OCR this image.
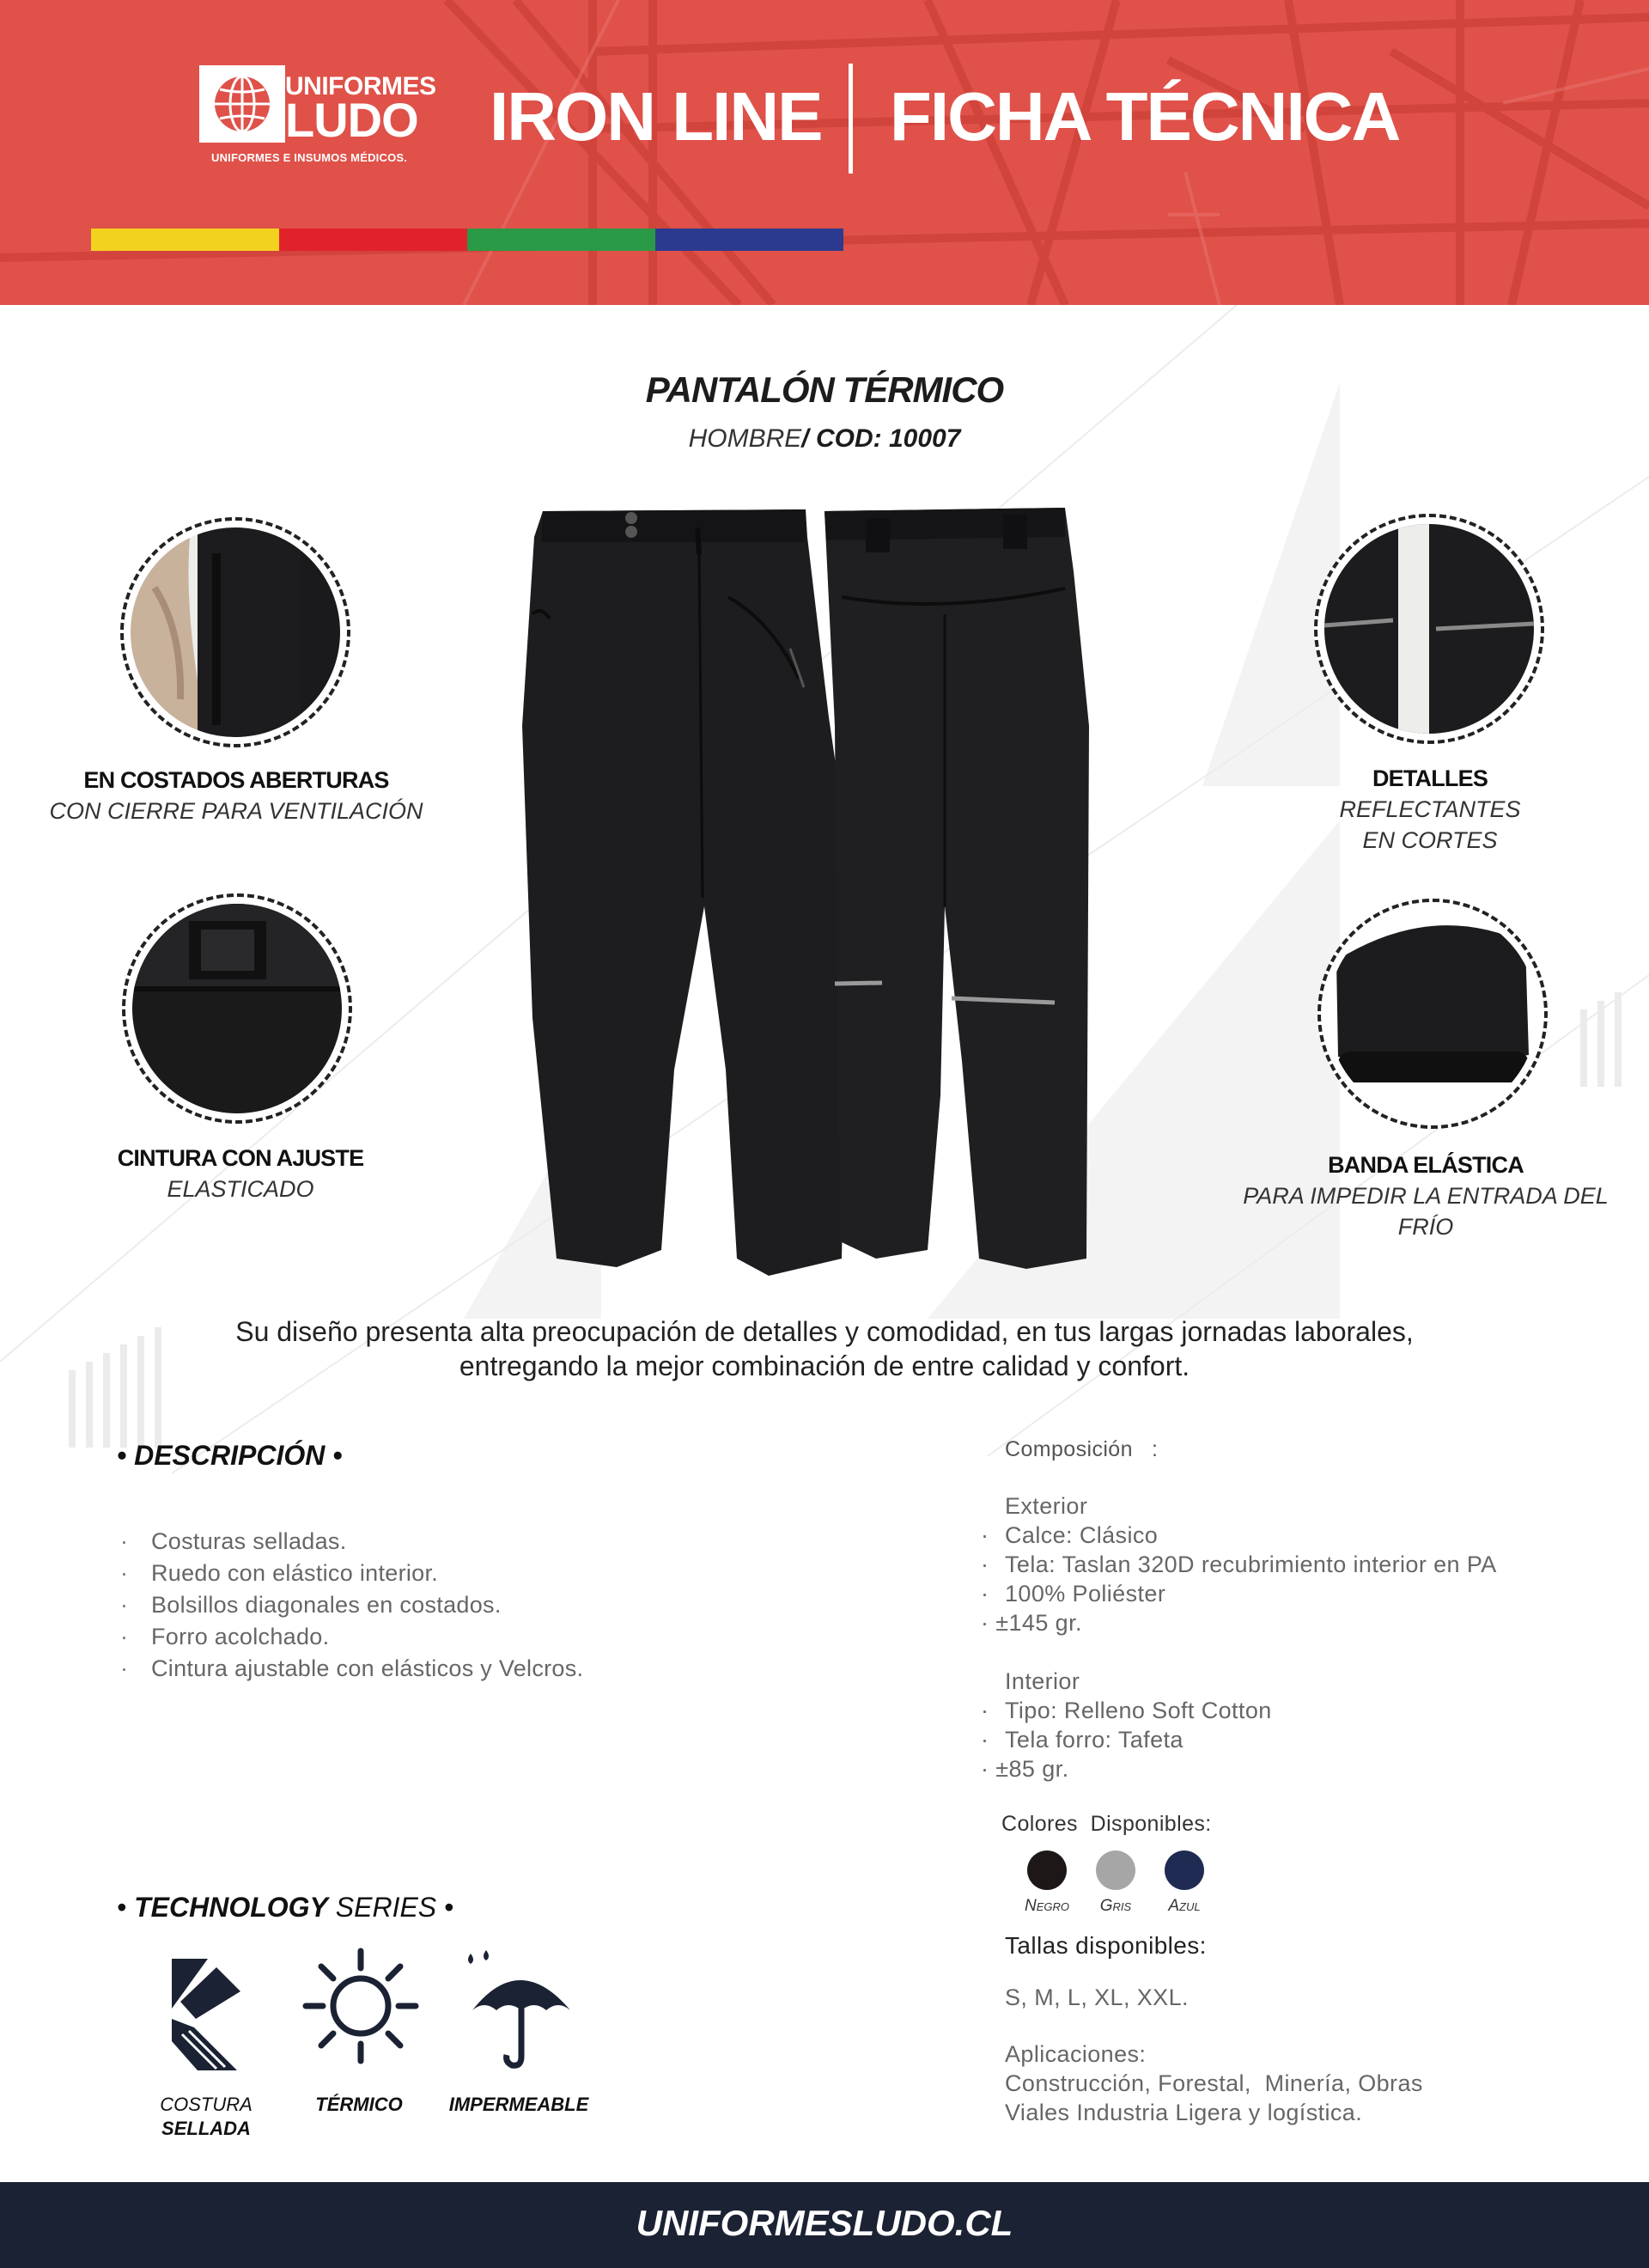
UNIFORMES
LUDO
UNIFORMES E INSUMOS MÉDICOS.
IRON LINE FICHA TÉCNICA
PANTALÓN TÉRMICO
HOMBRE/ COD: 10007
EN COSTADOS ABERTURAS
CON CIERRE PARA VENTILACIÓN
CINTURA CON AJUSTE
ELASTICADO
DETALLES
REFLECTANTES
EN CORTES
BANDA ELÁSTICA
PARA IMPEDIR LA ENTRADA DEL
FRÍO
Su diseño presenta alta preocupación de detalles y comodidad, en tus largas jornadas laborales,
entregando la mejor combinación de entre calidad y confort.
• DESCRIPCIÓN •
· Costuras selladas.
· Ruedo con elástico interior.
· Bolsillos diagonales en costados.
· Forro acolchado.
· Cintura ajustable con elásticos y Velcros.
Composición   :
Exterior
· Calce: Clásico
· Tela: Taslan 320D recubrimiento interior en PA
· 100% Poliéster
· ±145 gr.
Interior
· Tipo: Relleno Soft Cotton
· Tela forro: Tafeta
· ±85 gr.
Colores  Disponibles:
Negro	Gris	Azul
Tallas disponibles:
S, M, L, XL, XXL.
Aplicaciones:
Construcción, Forestal,  Minería, Obras
Viales Industria Ligera y logística.
• TECHNOLOGY SERIES •
COSTURA
SELLADA
TÉRMICO	IMPERMEABLE
UNIFORMESLUDO.CL
